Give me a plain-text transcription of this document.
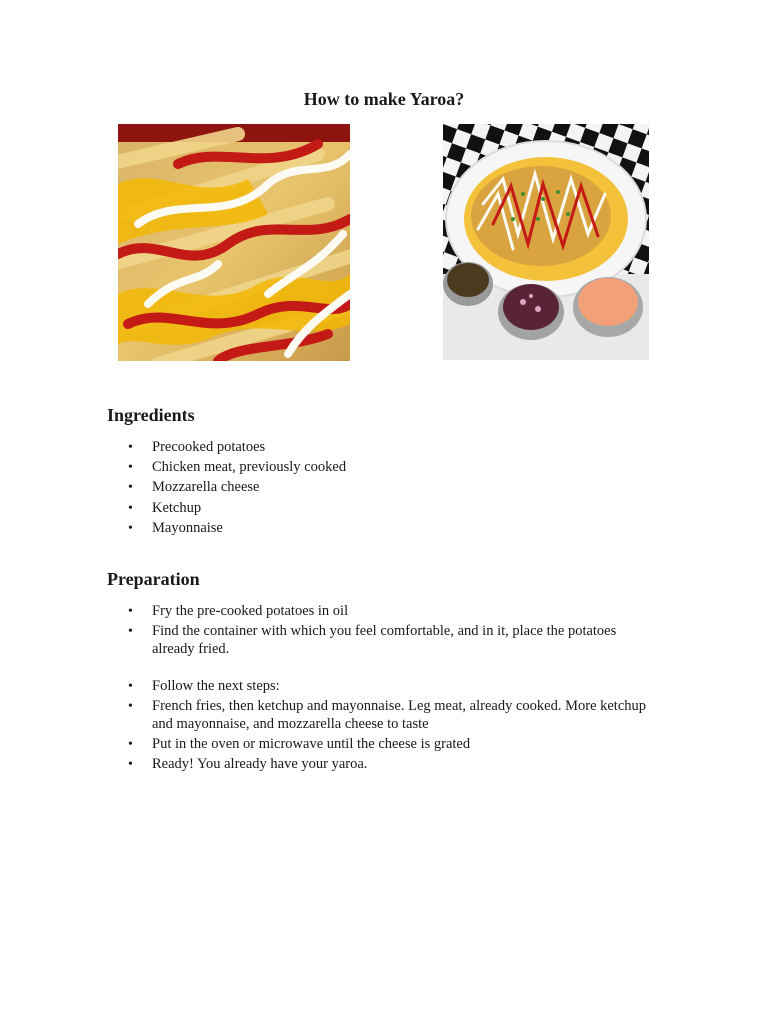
How to make Yaroa?
Ingredients
• Precooked potatoes
• Chicken meat, previously cooked
• Mozzarella cheese
• Ketchup
• Mayonnaise
Preparation
• Fry the pre-cooked potatoes in oil
• Find the container with which you feel comfortable, and in it, place the potatoes already fried.
• Follow the next steps:
• French fries, then ketchup and mayonnaise. Leg meat, already cooked. More ketchup and mayonnaise, and mozzarella cheese to taste
• Put in the oven or microwave until the cheese is grated
• Ready! You already have your yaroa.
